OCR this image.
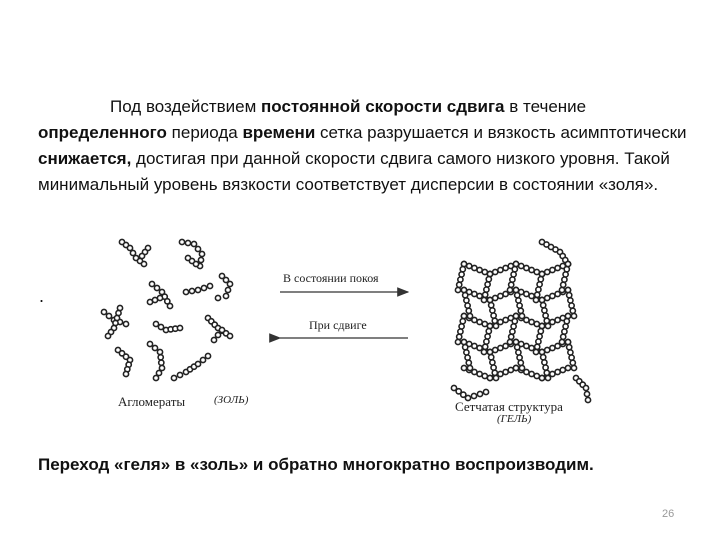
Под воздействием постоянной скорости сдвига в течение определенного периода времени сетка разрушается и вязкость асимптотически снижается, достигая при данной скорости сдвига самого низкого уровня. Такой минимальный уровень вязкости соответствует дисперсии в состоянии «золя».
.
В состоянии покоя
При сдвиге
Агломераты	(ЗОЛЬ)	Сетчатая структура
(ГЕЛЬ)
Переход «геля» в «золь» и обратно многократно воспроизводим.
26
